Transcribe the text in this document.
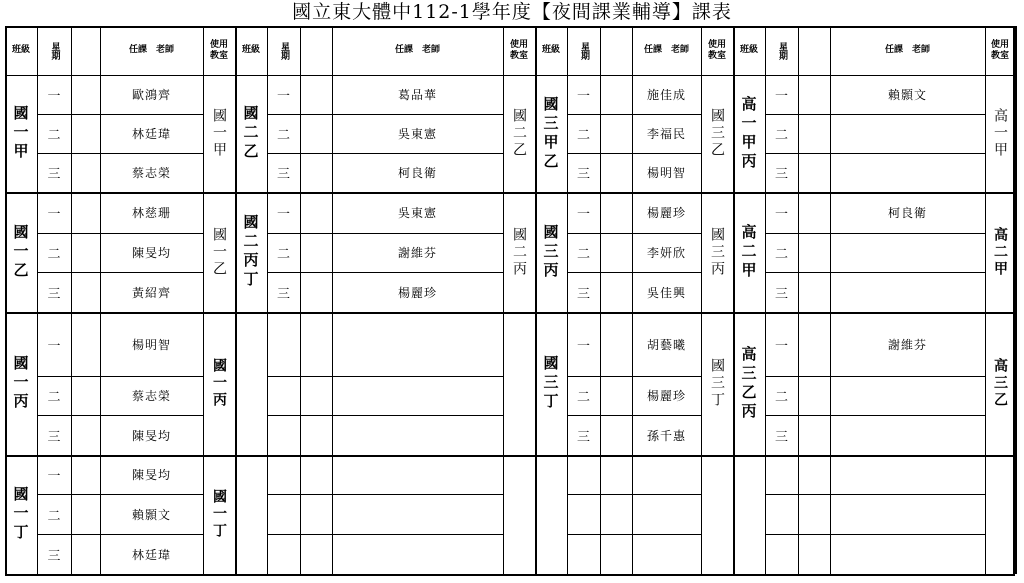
國立東大體中112-1學年度【夜間課業輔導】課表
班級	星期	任課　老師
使用教室
國一甲	國一甲
一	歐鴻齊
二	林廷瑋
三	蔡志榮
國一乙	國一乙
一	林慈珊
二	陳旻均
三	黃紹齊
國一丙	國一丙
一	楊明智
二	蔡志榮
三	陳旻均
國一丁	國一丁
一	陳旻均
二	賴顥文
三	林廷瑋
班級	星期	任課　老師
使用教室
國二乙	國二乙
一	葛品華
二	吳東憲
三	柯良衛
國二丙丁	國二丙
一	吳東憲
二	謝維芬
三	楊麗珍
班級	星期	任課　老師
使用教室
國三甲乙	國三乙
一	施佳成
二	李福民
三	楊明智
國三丙	國三丙
一	楊麗珍
二	李妍欣
三	吳佳興
國三丁	國三丁
一	胡藝曦
二	楊麗珍
三	孫千惠
班級	星期	任課　老師
使用教室
高一甲丙	高一甲
一	賴顥文
二
三
高二甲	高二甲
一	柯良衛
二
三
高三乙丙	高三乙
一	謝維芬
二
三
